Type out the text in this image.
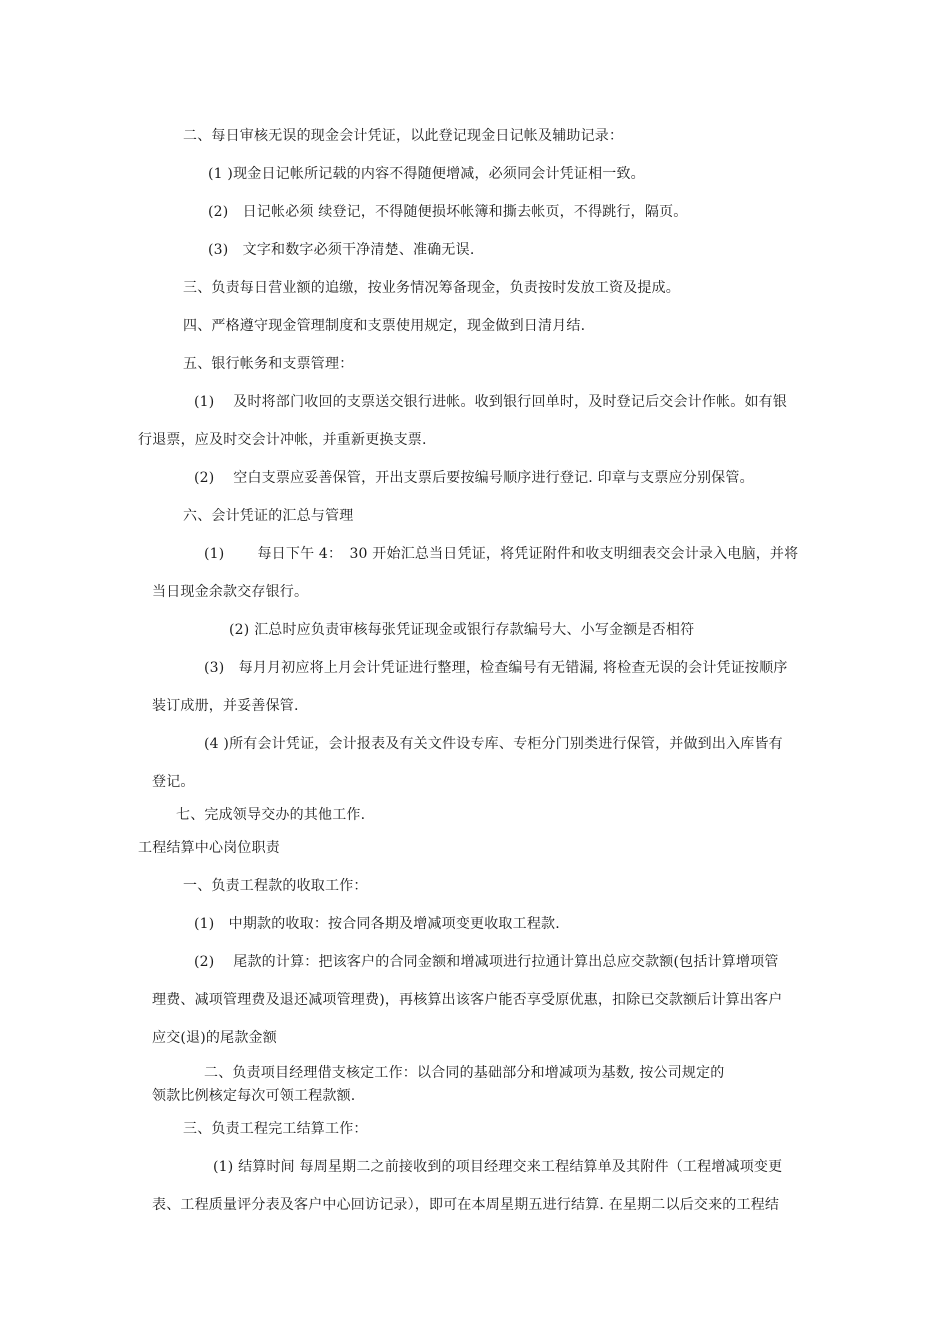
二、每日审核无误的现金会计凭证，以此登记现金日记帐及辅助记录：
(1 )现金日记帐所记载的内容不得随便增减，必须同会计凭证相一致。
(2)　日记帐必须 续登记，不得随便损坏帐簿和撕去帐页，不得跳行，隔页。
(3)　文字和数字必须干净清楚、准确无误.
三、负责每日营业额的追缴，按业务情况筹备现金，负责按时发放工资及提成。
四、严格遵守现金管理制度和支票使用规定，现金做到日清月结.
五、银行帐务和支票管理：
(1)　 及时将部门收回的支票送交银行进帐。收到银行回单时，及时登记后交会计作帐。如有银
行退票，应及时交会计冲帐，并重新更换支票.
(2)　 空白支票应妥善保管，开出支票后要按编号顺序进行登记. 印章与支票应分别保管。
六、会计凭证的汇总与管理
(1)　　 每日下午 4：　30 开始汇总当日凭证，将凭证附件和收支明细表交会计录入电脑，并将
当日现金余款交存银行。
(2) 汇总时应负责审核每张凭证现金或银行存款编号大、小写金额是否相符
(3)　每月月初应将上月会计凭证进行整理，检查编号有无错漏, 将检查无误的会计凭证按顺序
装订成册，并妥善保管.
(4 )所有会计凭证，会计报表及有关文件设专库、专柜分门别类进行保管，并做到出入库皆有
登记。
七、完成领导交办的其他工作.
工程结算中心岗位职责
一、负责工程款的收取工作：
(1)　中期款的收取：按合同各期及增减项变更收取工程款.
(2)　 尾款的计算：把该客户的合同金额和增减项进行拉通计算出总应交款额(包括计算增项管
理费、减项管理费及退还减项管理费)，再核算出该客户能否享受原优惠，扣除已交款额后计算出客户
应交(退)的尾款金额
二、负责项目经理借支核定工作：以合同的基础部分和增减项为基数, 按公司规定的
领款比例核定每次可领工程款额.
三、负责工程完工结算工作：
(1) 结算时间 每周星期二之前接收到的项目经理交来工程结算单及其附件（工程增减项变更
表、工程质量评分表及客户中心回访记录），即可在本周星期五进行结算. 在星期二以后交来的工程结
